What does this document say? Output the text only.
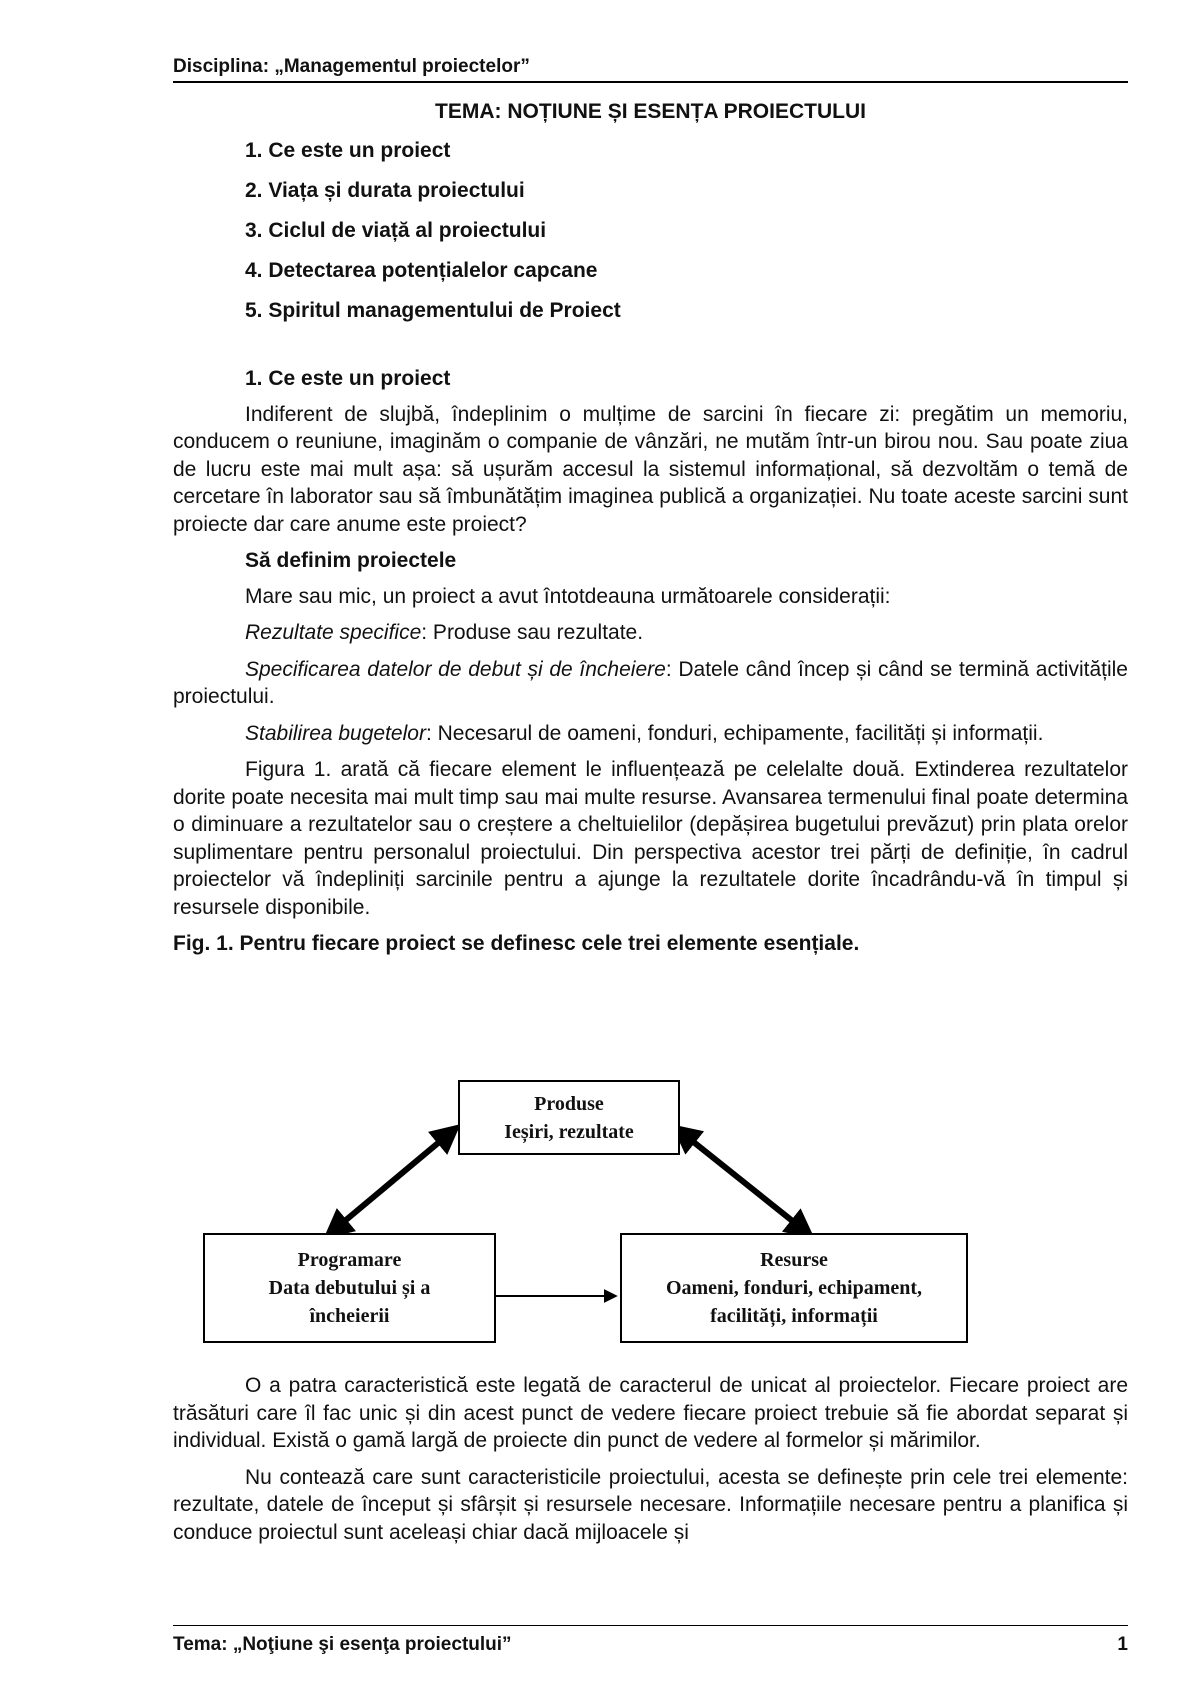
Disciplina: „Managementul proiectelor”
TEMA: NOȚIUNE ȘI ESENȚA PROIECTULUI
1. Ce este un proiect
2. Viața și durata proiectului
3. Ciclul de viață al proiectului
4. Detectarea potențialelor capcane
5. Spiritul managementului de Proiect

1. Ce este un proiect

Indiferent de slujbă, îndeplinim o mulțime de sarcini în fiecare zi: pregătim un memoriu, conducem o reuniune, imaginăm o companie de vânzări, ne mutăm într-un birou nou. Sau poate ziua de lucru este mai mult așa: să ușurăm accesul la sistemul informațional, să dezvoltăm o temă de cercetare în laborator sau să îmbunătățim imaginea publică a organizației. Nu toate aceste sarcini sunt proiecte dar care anume este proiect?

Să definim proiectele

Mare sau mic, un proiect a avut întotdeauna următoarele considerații:

Rezultate specifice: Produse sau rezultate.

Specificarea datelor de debut și de încheiere: Datele când încep și când se termină activitățile proiectului.

Stabilirea bugetelor: Necesarul de oameni, fonduri, echipamente, facilități și informații.

Figura 1. arată că fiecare element le influențează pe celelalte două. Extinderea rezultatelor dorite poate necesita mai mult timp sau mai multe resurse. Avansarea termenului final poate determina o diminuare a rezultatelor sau o creștere a cheltuielilor (depășirea bugetului prevăzut) prin plata orelor suplimentare pentru personalul proiectului. Din perspectiva acestor trei părți de definiție, în cadrul proiectelor vă îndepliniți sarcinile pentru a ajunge la rezultatele dorite încadrându-vă în timpul și resursele disponibile.

Fig. 1. Pentru fiecare proiect se definesc cele trei elemente esențiale.

Produse
Ieșiri, rezultate
Programare
Data debutului și a
încheierii
Resurse
Oameni, fonduri, echipament,
facilități, informații

O a patra caracteristică este legată de caracterul de unicat al proiectelor. Fiecare proiect are trăsături care îl fac unic și din acest punct de vedere fiecare proiect trebuie să fie abordat separat și individual. Există o gamă largă de proiecte din punct de vedere al formelor și mărimilor.

Nu contează care sunt caracteristicile proiectului, acesta se definește prin cele trei elemente: rezultate, datele de început și sfârșit și resursele necesare. Informațiile necesare pentru a planifica și conduce proiectul sunt aceleași chiar dacă mijloacele și

Tema: „Noţiune şi esenţa proiectului”	1
